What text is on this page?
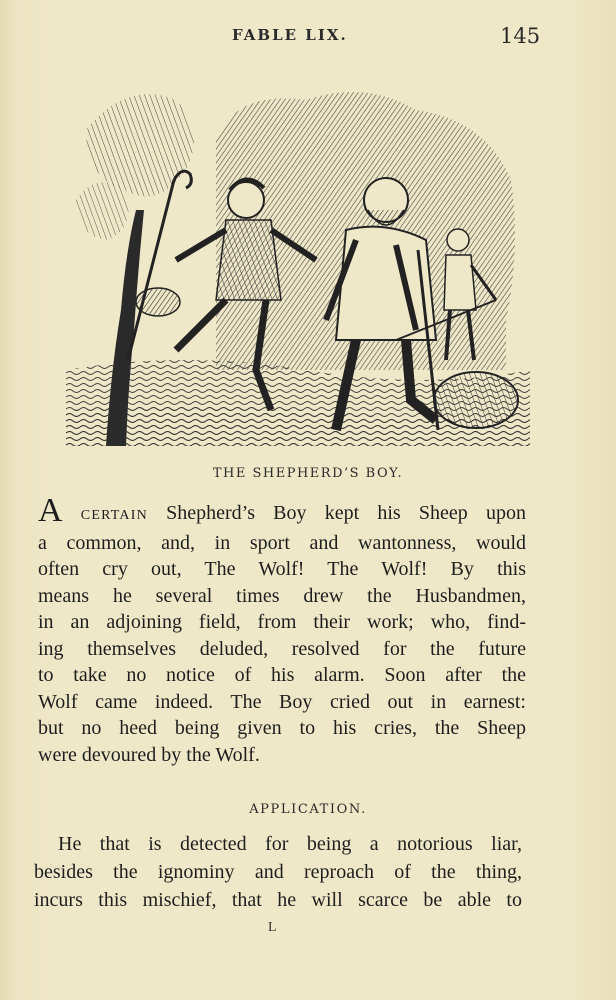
FABLE LIX.	145
THE SHEPHERD’S BOY.
A CERTAIN Shepherd’s Boy kept his Sheep upon
a common, and, in sport and wantonness, would
often cry out, The Wolf! The Wolf! By this
means he several times drew the Husbandmen,
in an adjoining field, from their work; who, find-
ing themselves deluded, resolved for the future
to take no notice of his alarm. Soon after the
Wolf came indeed. The Boy cried out in earnest:
but no heed being given to his cries, the Sheep
were devoured by the Wolf.
APPLICATION.
He that is detected for being a notorious liar,
besides the ignominy and reproach of the thing,
incurs this mischief, that he will scarce be able to
L
